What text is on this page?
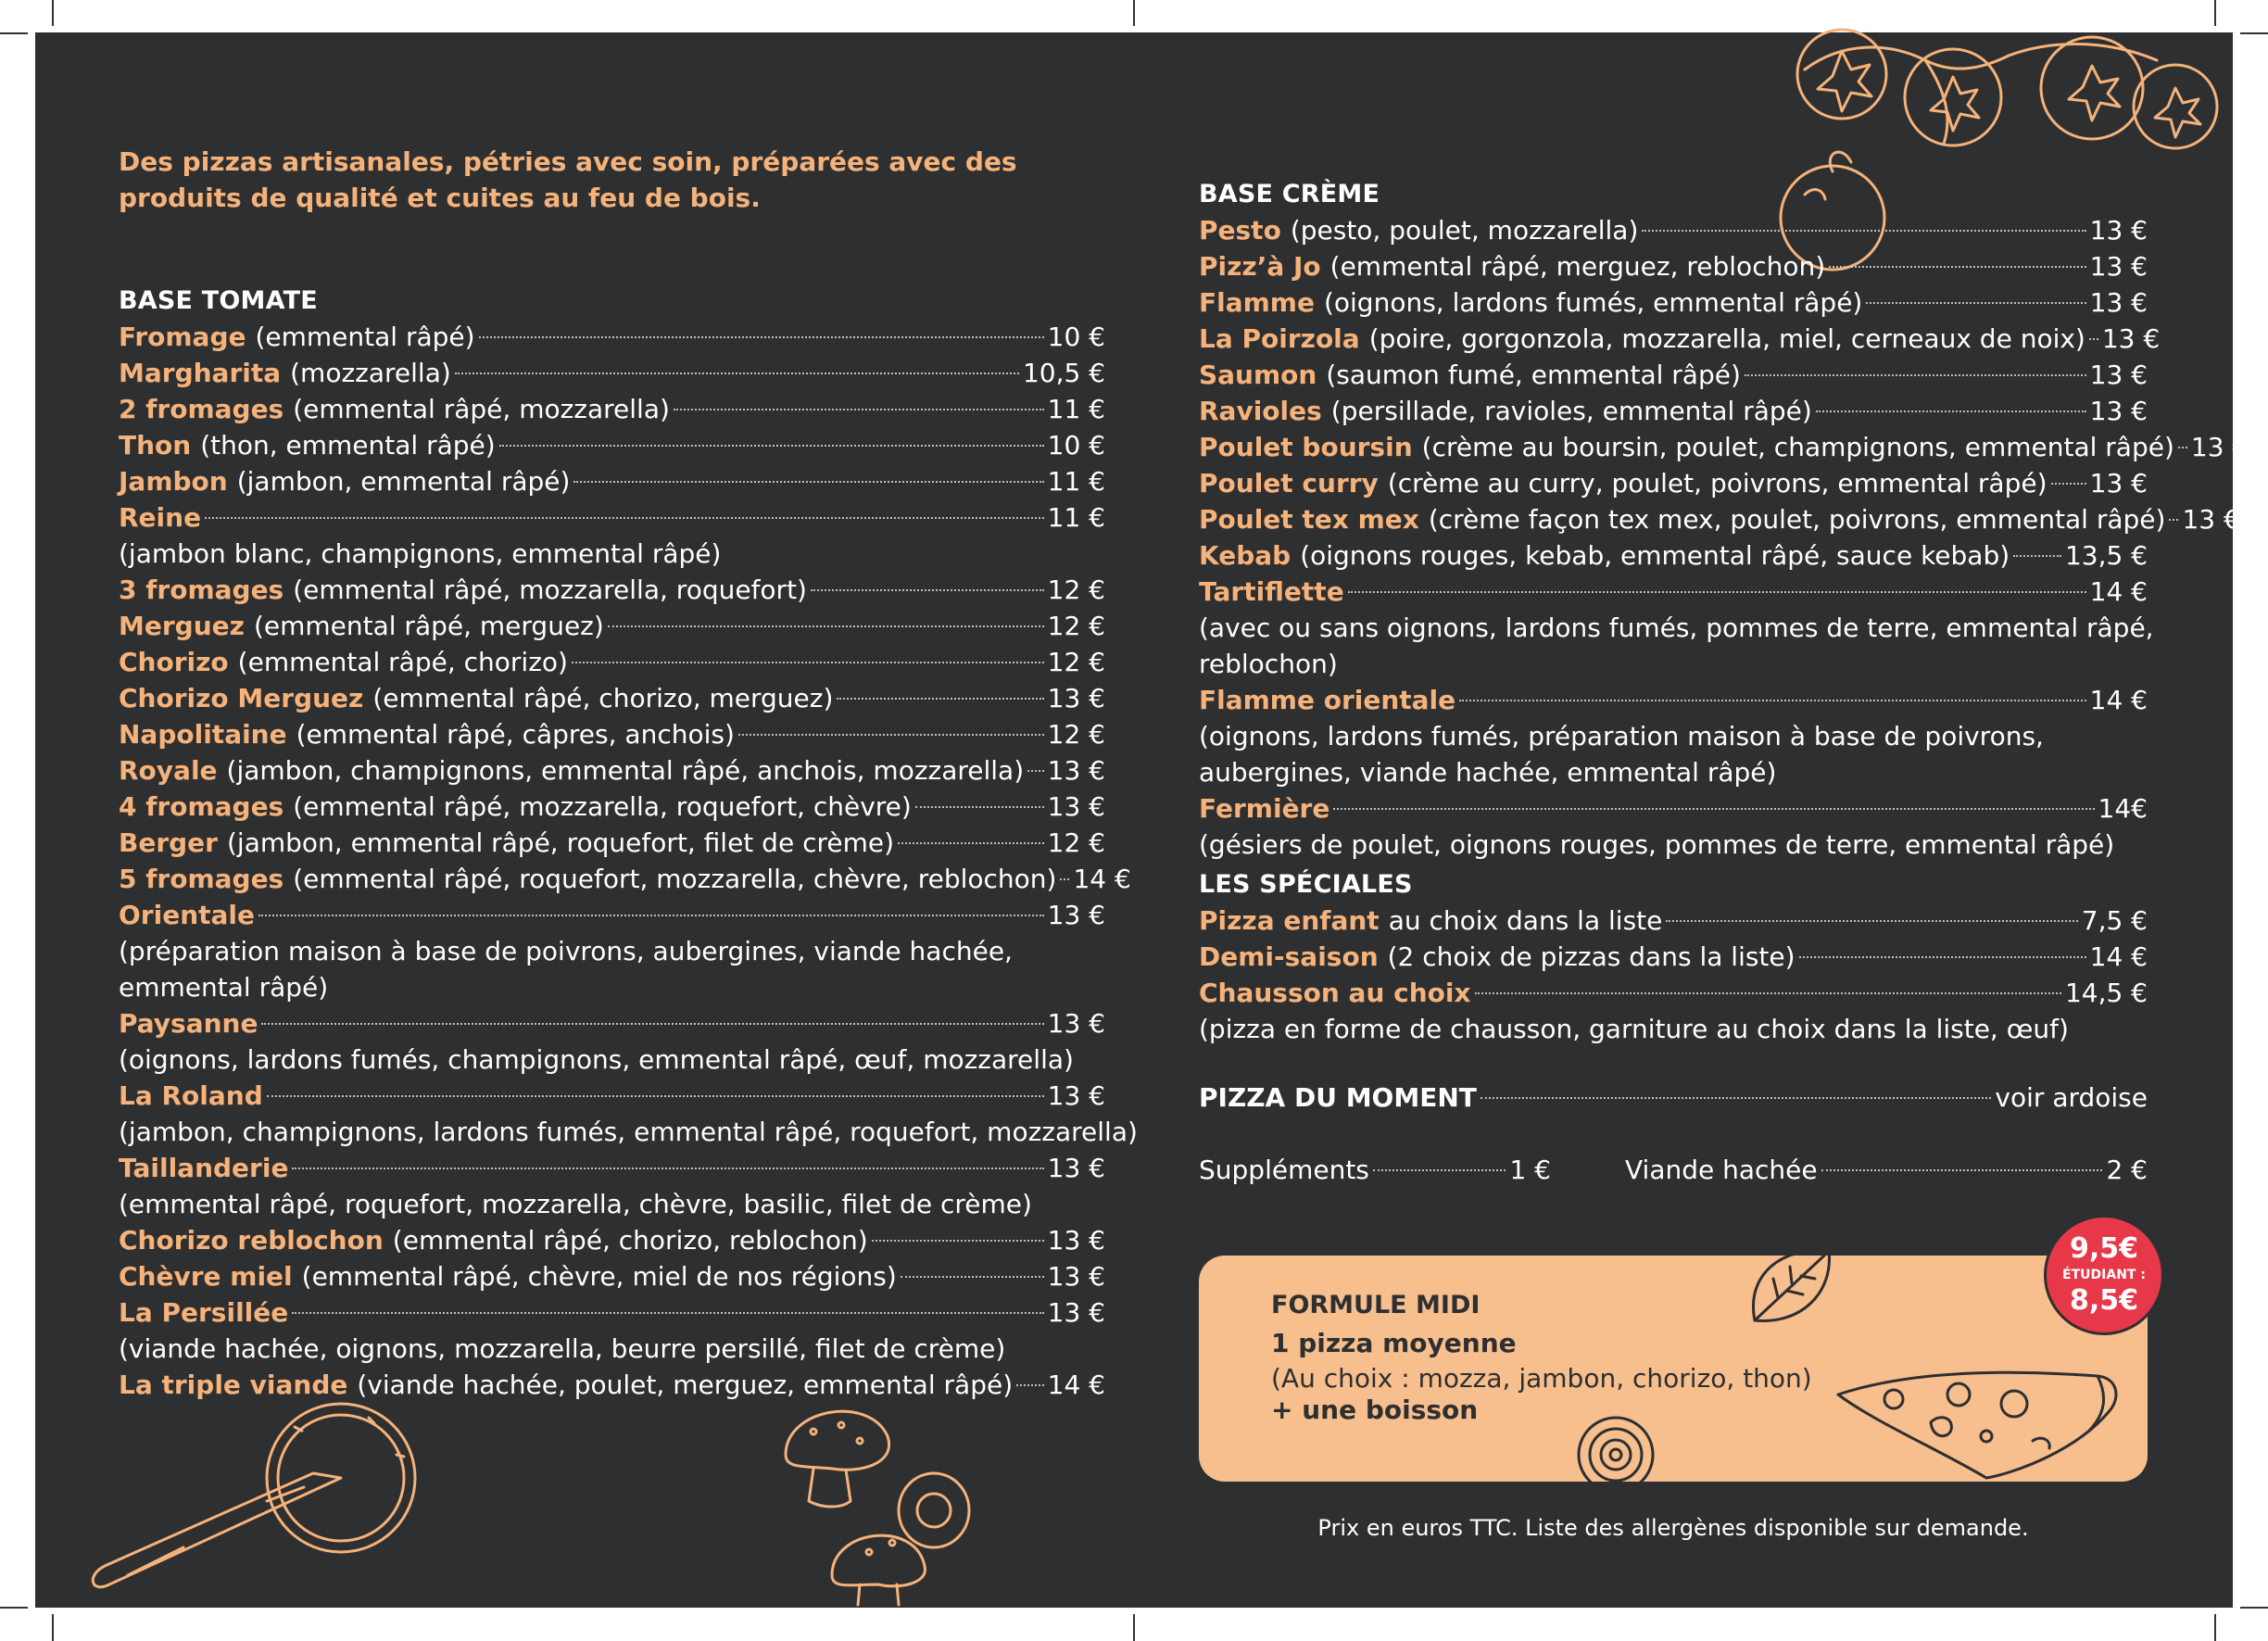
Des pizzas artisanales, pétries avec soin, préparées avec des produits de qualité et cuites au feu de bois.
BASE TOMATE
Fromage (emmental râpé)	10 €
Margharita (mozzarella)	10,5 €
2 fromages (emmental râpé, mozzarella)	11 €
Thon (thon, emmental râpé)	10 €
Jambon (jambon, emmental râpé)	11 €
Reine	11 €
(jambon blanc, champignons, emmental râpé)
3 fromages (emmental râpé, mozzarella, roquefort)	12 €
Merguez (emmental râpé, merguez)	12 €
Chorizo (emmental râpé, chorizo)	12 €
Chorizo Merguez (emmental râpé, chorizo, merguez)	13 €
Napolitaine (emmental râpé, câpres, anchois)	12 €
Royale (jambon, champignons, emmental râpé, anchois, mozzarella) 13 €
4 fromages (emmental râpé, mozzarella, roquefort, chèvre)	13 €
Berger (jambon, emmental râpé, roquefort, filet de crème)	12 €
5 fromages (emmental râpé, roquefort, mozzarella, chèvre, reblochon) 14 €
Orientale	13 €
(préparation maison à base de poivrons, aubergines, viande hachée,
emmental râpé)
Paysanne	13 €
(oignons, lardons fumés, champignons, emmental râpé, œuf, mozzarella)
La Roland	13 €
(jambon, champignons, lardons fumés, emmental râpé, roquefort, mozzarella)
Taillanderie	13 €
(emmental râpé, roquefort, mozzarella, chèvre, basilic, filet de crème)
Chorizo reblochon (emmental râpé, chorizo, reblochon)	13 €
Chèvre miel (emmental râpé, chèvre, miel de nos régions)	13 €
La Persillée	13 €
(viande hachée, oignons, mozzarella, beurre persillé, filet de crème)
La triple viande (viande hachée, poulet, merguez, emmental râpé) 14 €
BASE CRÈME
Pesto (pesto, poulet, mozzarella)	13 €
Pizz’à Jo (emmental râpé, merguez, reblochon)	13 €
Flamme (oignons, lardons fumés, emmental râpé)	13 €
La Poirzola (poire, gorgonzola, mozzarella, miel, cerneaux de noix) 13 €
Saumon (saumon fumé, emmental râpé)	13 €
Ravioles (persillade, ravioles, emmental râpé)	13 €
Poulet boursin (crème au boursin, poulet, champignons, emmental râpé) 13 €
Poulet curry (crème au curry, poulet, poivrons, emmental râpé) 13 €
Poulet tex mex (crème façon tex mex, poulet, poivrons, emmental râpé) 13 €
Kebab (oignons rouges, kebab, emmental râpé, sauce kebab) 13,5 €
Tartiflette	14 €
(avec ou sans oignons, lardons fumés, pommes de terre, emmental râpé,
reblochon)
Flamme orientale	14 €
(oignons, lardons fumés, préparation maison à base de poivrons,
aubergines, viande hachée, emmental râpé)
Fermière	14€
(gésiers de poulet, oignons rouges, pommes de terre, emmental râpé)
LES SPÉCIALES
Pizza enfant au choix dans la liste	7,5 €
Demi-saison (2 choix de pizzas dans la liste)	14 €
Chausson au choix	14,5 €
(pizza en forme de chausson, garniture au choix dans la liste, œuf)
PIZZA DU MOMENT	voir ardoise
Suppléments	1 €	Viande hachée	2 €
FORMULE MIDI
1 pizza moyenne
(Au choix : mozza, jambon, chorizo, thon)
+ une boisson
9,5€
ÉTUDIANT :
8,5€
Prix en euros TTC. Liste des allergènes disponible sur demande.
